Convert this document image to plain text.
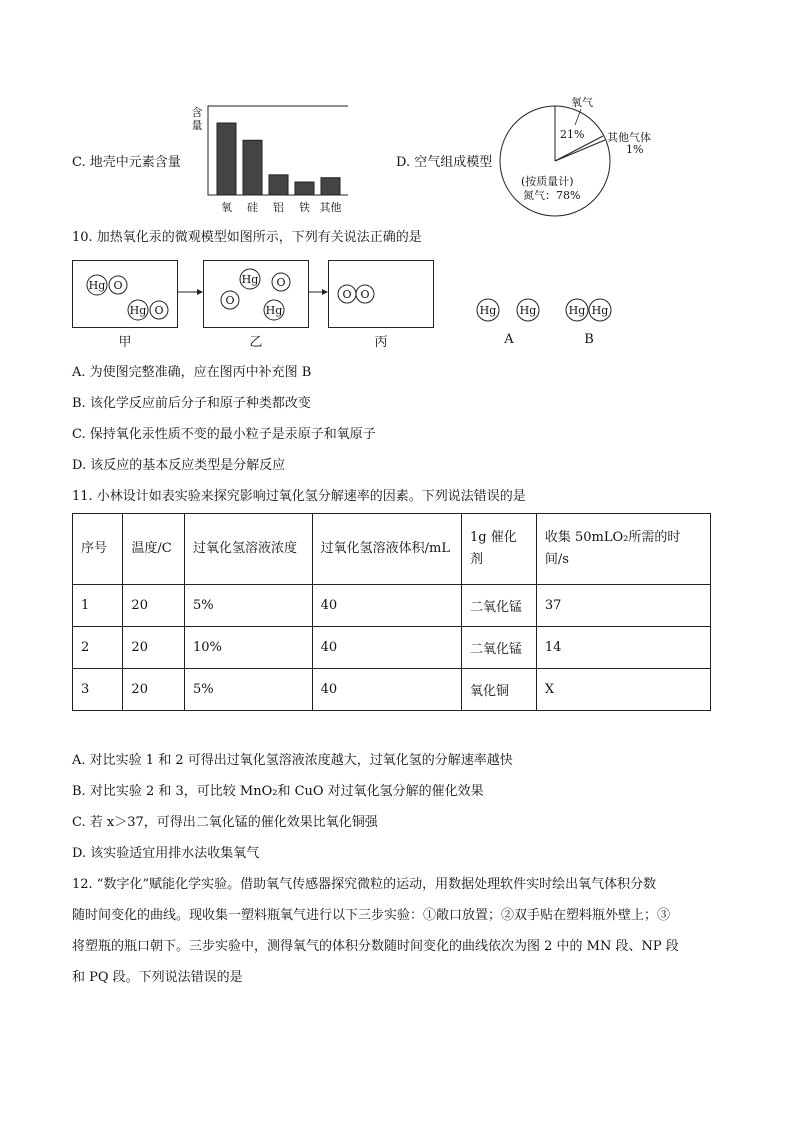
C. 地壳中元素含量
含
量
氧 硅 铝 铁 其他
D. 空气组成模型
氧气
21%
(按质量计)
氮气：78%
其他气体
1%
10. 加热氧化汞的微观模型如图所示，下列有关说法正确的是
Hg O
Hg O
Hg O
O
Hg
O O
甲	乙	丙
Hg Hg	Hg Hg
A	B
A. 为使图完整准确，应在图丙中补充图 B
B. 该化学反应前后分子和原子种类都改变
C. 保持氧化汞性质不变的最小粒子是汞原子和氧原子
D. 该反应的基本反应类型是分解反应
11. 小林设计如表实验来探究影响过氧化氢分解速率的因素。下列说法错误的是
序号	温度/C	过氧化氢溶液浓度	过氧化氢溶液体积/mL	1g 催化剂	收集 50mLO₂所需的时间/s
1	20	5%	40	二氧化锰	37
2	20	10%	40	二氧化锰	14
3	20	5%	40	氧化铜	X
A. 对比实验 1 和 2 可得出过氧化氢溶液浓度越大，过氧化氢的分解速率越快
B. 对比实验 2 和 3，可比较 MnO₂和 CuO 对过氧化氢分解的催化效果
C. 若 x＞37，可得出二氧化锰的催化效果比氧化铜强
D. 该实验适宜用排水法收集氧气
12. “数字化”赋能化学实验。借助氧气传感器探究微粒的运动，用数据处理软件实时绘出氧气体积分数
随时间变化的曲线。现收集一塑料瓶氧气进行以下三步实验：①敞口放置；②双手贴在塑料瓶外壁上；③
将塑瓶的瓶口朝下。三步实验中，测得氧气的体积分数随时间变化的曲线依次为图 2 中的 MN 段、NP 段
和 PQ 段。下列说法错误的是
